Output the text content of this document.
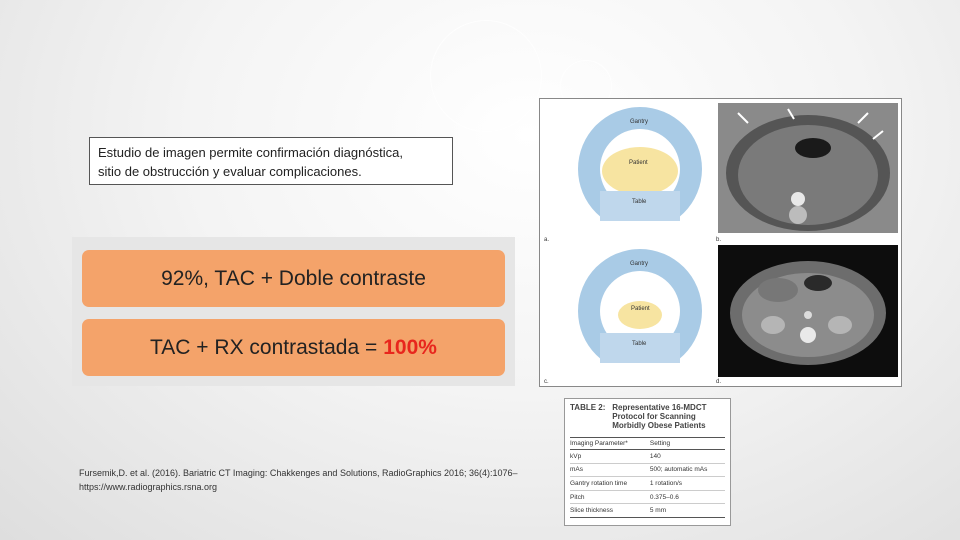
Estudio de imagen permite confirmación diagnóstica,
sitio de obstrucción y evaluar complicaciones.
92%, TAC + Doble contraste
TAC + RX contrastada = 100%
Gantry
Patient
Table
a.	b.
Gantry
Patient
Table
c.	d.
Fursemik,D. et al. (2016). Bariatric CT Imaging: Chakkenges and Solutions, RadioGraphics 2016; 36(4):1076–
https://www.radiographics.rsna.org
TABLE 2: Representative 16-MDCT
Protocol for Scanning
Morbidly Obese Patients
Imaging Parameter*	Setting
kVp	140
mAs	500; automatic mAs
Gantry rotation time	1 rotation/s
Pitch	0.375–0.6
Slice thickness	5 mm
